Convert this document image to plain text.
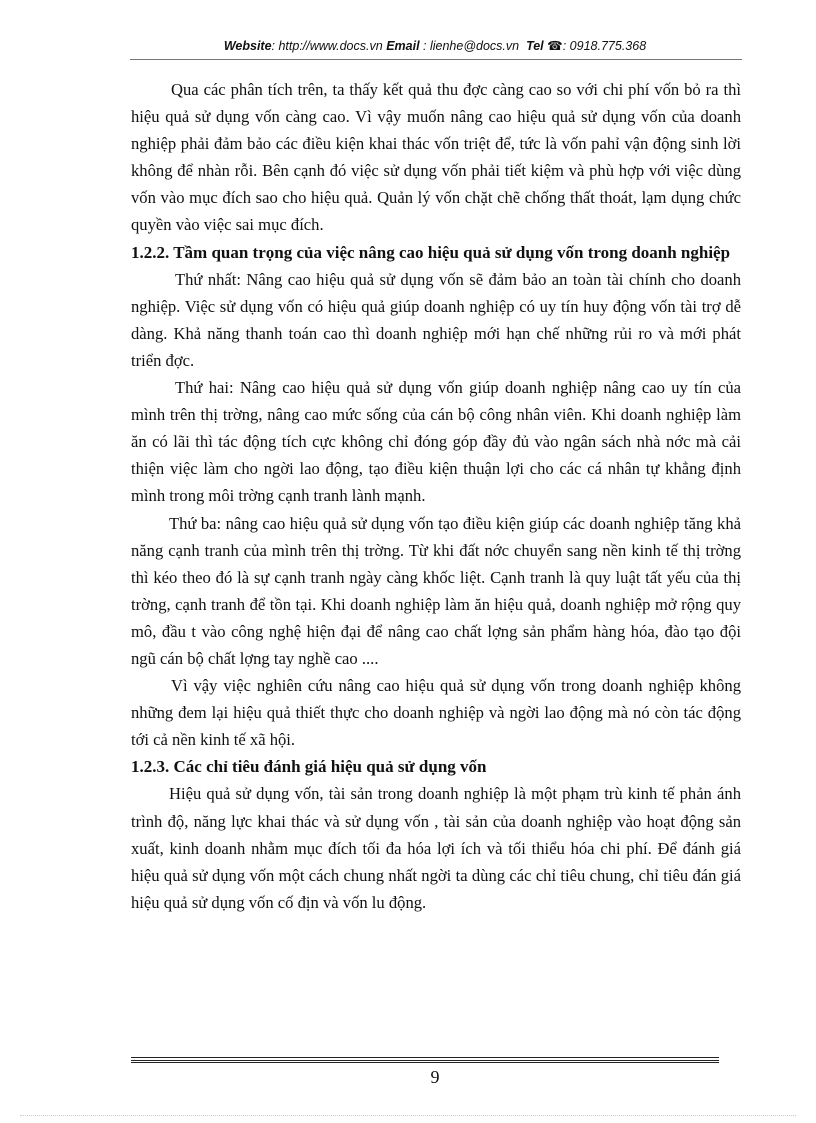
Website: http://www.docs.vn Email : lienhe@docs.vn Tel ☎: 0918.775.368

Qua các phân tích trên, ta thấy kết quả thu đợc càng cao so với chi phí vốn bỏ ra thì hiệu quả sử dụng vốn càng cao. Vì vậy muốn nâng cao hiệu quả sử dụng vốn của doanh nghiệp phải đảm bảo các điều kiện khai thác vốn triệt để, tức là vốn pahỉ vận động sinh lời không để nhàn rỗi. Bên cạnh đó việc sử dụng vốn phải tiết kiệm và phù hợp với việc dùng vốn vào mục đích sao cho hiệu quả. Quản lý vốn chặt chẽ chống thất thoát, lạm dụng chức quyền vào việc sai mục đích.

1.2.2. Tầm quan trọng của việc nâng cao hiệu quả sử dụng vốn trong doanh nghiệp

Thứ nhất: Nâng cao hiệu quả sử dụng vốn sẽ đảm bảo an toàn tài chính cho doanh nghiệp. Việc sử dụng vốn có hiệu quả giúp doanh nghiệp có uy tín huy động vốn tài trợ dễ dàng. Khả năng thanh toán cao thì doanh nghiệp mới hạn chế những rủi ro và mới phát triển đợc.

Thứ hai: Nâng cao hiệu quả sử dụng vốn giúp doanh nghiệp nâng cao uy tín của mình trên thị trờng, nâng cao mức sống của cán bộ công nhân viên. Khi doanh nghiệp làm ăn có lãi thì tác động tích cực không chỉ đóng góp đầy đủ vào ngân sách nhà nớc mà cải thiện việc làm cho ngời lao động, tạo điều kiện thuận lợi cho các cá nhân tự khẳng định mình trong môi trờng cạnh tranh lành mạnh.

Thứ ba: nâng cao hiệu quả sử dụng vốn tạo điều kiện giúp các doanh nghiệp tăng khả năng cạnh tranh của mình trên thị trờng. Từ khi đất nớc chuyển sang nền kinh tế thị trờng thì kéo theo đó là sự cạnh tranh ngày càng khốc liệt. Cạnh tranh là quy luật tất yếu của thị trờng, cạnh tranh để tồn tại. Khi doanh nghiệp làm ăn hiệu quả, doanh nghiệp mở rộng quy mô, đầu t vào công nghệ hiện đại để nâng cao chất lợng sản phẩm hàng hóa, đào tạo đội ngũ cán bộ chất lợng tay nghề cao ....

Vì vậy việc nghiên cứu nâng cao hiệu quả sử dụng vốn trong doanh nghiệp không những đem lại hiệu quả thiết thực cho doanh nghiệp và ngời lao động mà nó còn tác động tới cả nền kinh tế xã hội.

1.2.3. Các chỉ tiêu đánh giá hiệu quả sử dụng vốn

Hiệu quả sử dụng vốn, tài sản trong doanh nghiệp là một phạm trù kinh tế phản ánh trình độ, năng lực khai thác và sử dụng vốn , tài sản của doanh nghiệp vào hoạt động sản xuất, kinh doanh nhằm mục đích tối đa hóa lợi ích và tối thiểu hóa chi phí. Để đánh giá hiệu quả sử dụng vốn một cách chung nhất ngời ta dùng các chỉ tiêu chung, chỉ tiêu đán giá hiệu quả sử dụng vốn cố địn và vốn lu động.

9
